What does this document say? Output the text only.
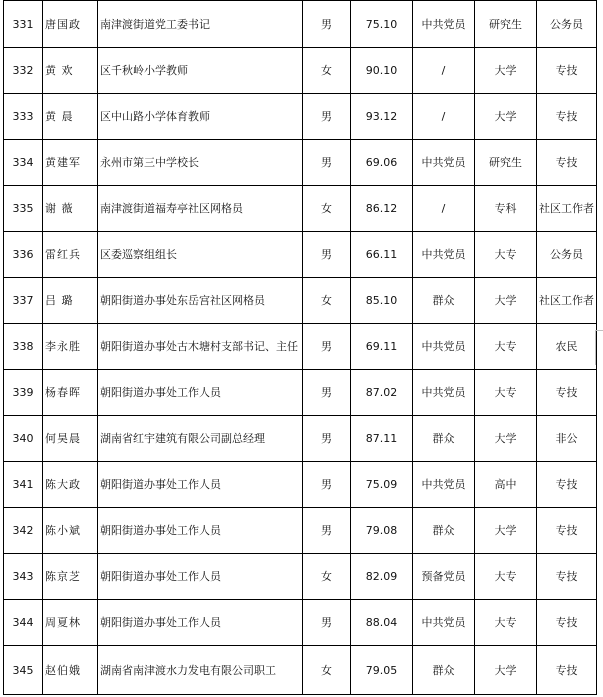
331	唐国政	南津渡街道党工委书记	男	75.10	中共党员	研究生	公务员
332	黄 欢	区千秋岭小学教师	女	90.10	/	大学	专技
333	黄 晨	区中山路小学体育教师	男	93.12	/	大学	专技
334	黄建军	永州市第三中学校长	男	69.06	中共党员	研究生	专技
335	谢 薇	南津渡街道福寿亭社区网格员	女	86.12	/	专科	社区工作者
336	雷红兵	区委巡察组组长	男	66.11	中共党员	大专	公务员
337	吕 璐	朝阳街道办事处东岳宫社区网格员	女	85.10	群众	大学	社区工作者
338	李永胜	朝阳街道办事处古木塘村支部书记、主任	男	69.11	中共党员	大专	农民
339	杨春晖	朝阳街道办事处工作人员	男	87.02	中共党员	大专	专技
340	何昊晨	湖南省红宇建筑有限公司副总经理	男	87.11	群众	大学	非公
341	陈大政	朝阳街道办事处工作人员	男	75.09	中共党员	高中	专技
342	陈小斌	朝阳街道办事处工作人员	男	79.08	群众	大学	专技
343	陈京芝	朝阳街道办事处工作人员	女	82.09	预备党员	大专	专技
344	周夏林	朝阳街道办事处工作人员	男	88.04	中共党员	大专	专技
345	赵伯娥	湖南省南津渡水力发电有限公司职工	女	79.05	群众	大学	专技
